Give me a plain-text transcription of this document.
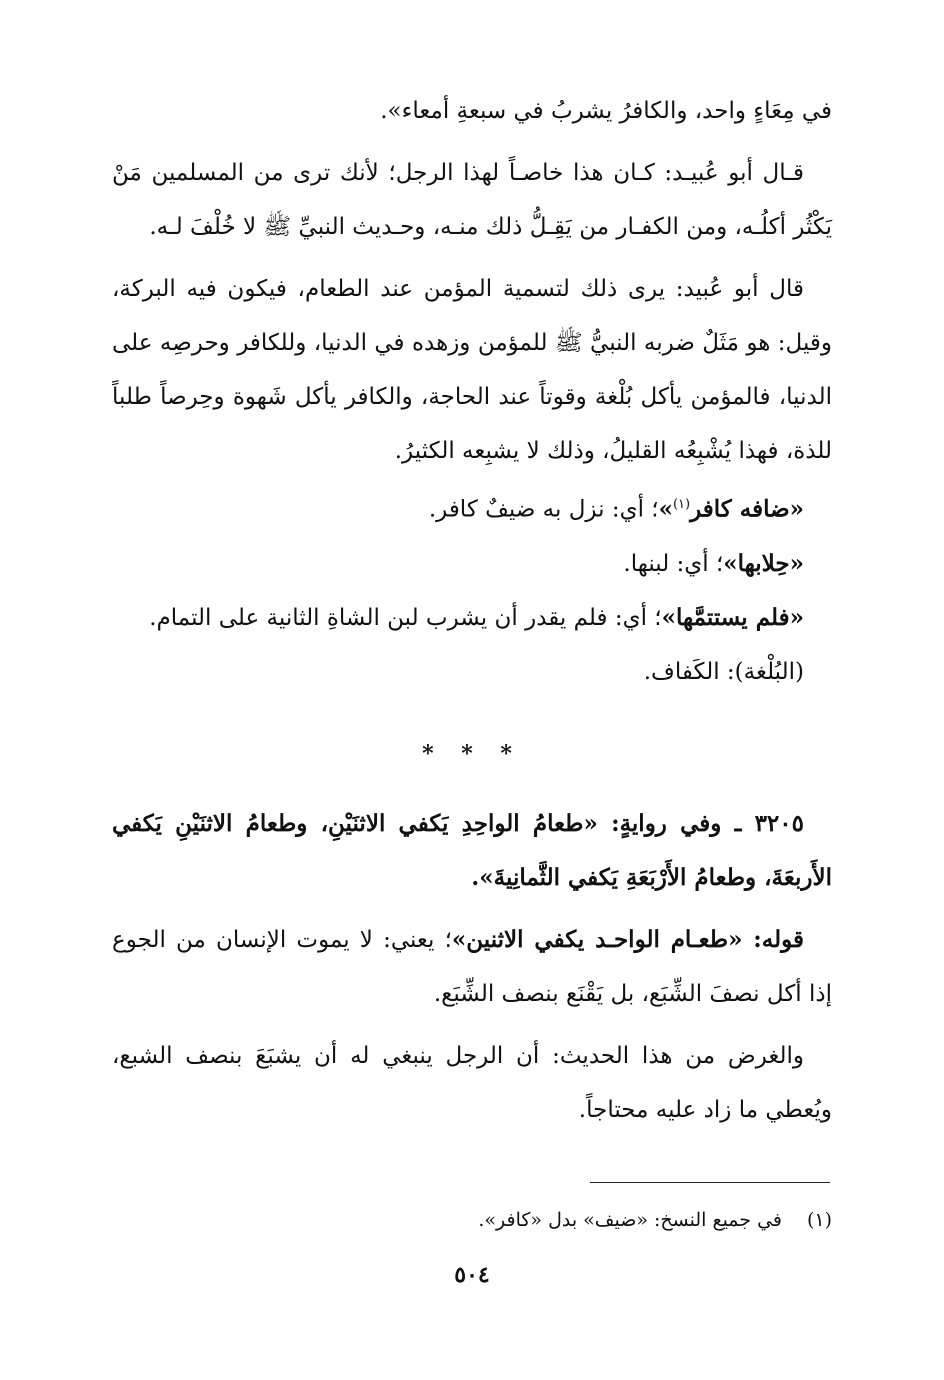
في مِعَاءٍ واحد، والكافرُ يشربُ في سبعةِ أمعاء».

قـال أبو عُبيـد: كـان هذا خاصـاً لهذا الرجل؛ لأنك ترى من المسلمين مَنْ يَكْثُر أكلُـه، ومن الكفـار من يَقِـلُّ ذلك منـه، وحـديث النبيِّ ﷺ لا خُلْفَ لـه.

قال أبو عُبيد: يرى ذلك لتسمية المؤمن عند الطعام، فيكون فيه البركة، وقيل: هو مَثَلٌ ضربه النبيُّ ﷺ للمؤمن وزهده في الدنيا، وللكافر وحرصِه على الدنيا، فالمؤمن يأكل بُلْغة وقوتاً عند الحاجة، والكافر يأكل شَهوة وحِرصاً طلباً للذة، فهذا يُشْبِعُه القليلُ، وذلك لا يشبِعه الكثيرُ.

«ضافه كافر$^{(١)}$»؛ أي: نزل به ضيفٌ كافر.

«حِلابها»؛ أي: لبنها.

«فلم يستتمَّها»؛ أي: فلم يقدر أن يشرب لبن الشاةِ الثانية على التمام.

(البُلْغة): الكَفاف.

* * *

٣٢٠٥ ـ وفي روايةٍ: «طعامُ الواحِدِ يَكفي الاثنَيْنِ، وطعامُ الاثنَيْنِ يَكفي الأَربعَةَ، وطعامُ الأَرْبَعَةِ يَكفي الثَّمانِيةَ».

قوله: «طعـام الواحـد يكفي الاثنين»؛ يعني: لا يموت الإنسان من الجوع إذا أكل نصفَ الشِّبَع، بل يَقْنَع بنصف الشِّبَع.

والغرض من هذا الحديث: أن الرجل ينبغي له أن يشبَعَ بنصف الشبع، ويُعطي ما زاد عليه محتاجاً.

(١)في جميع النسخ: «ضيف» بدل «كافر».
٥٠٤
